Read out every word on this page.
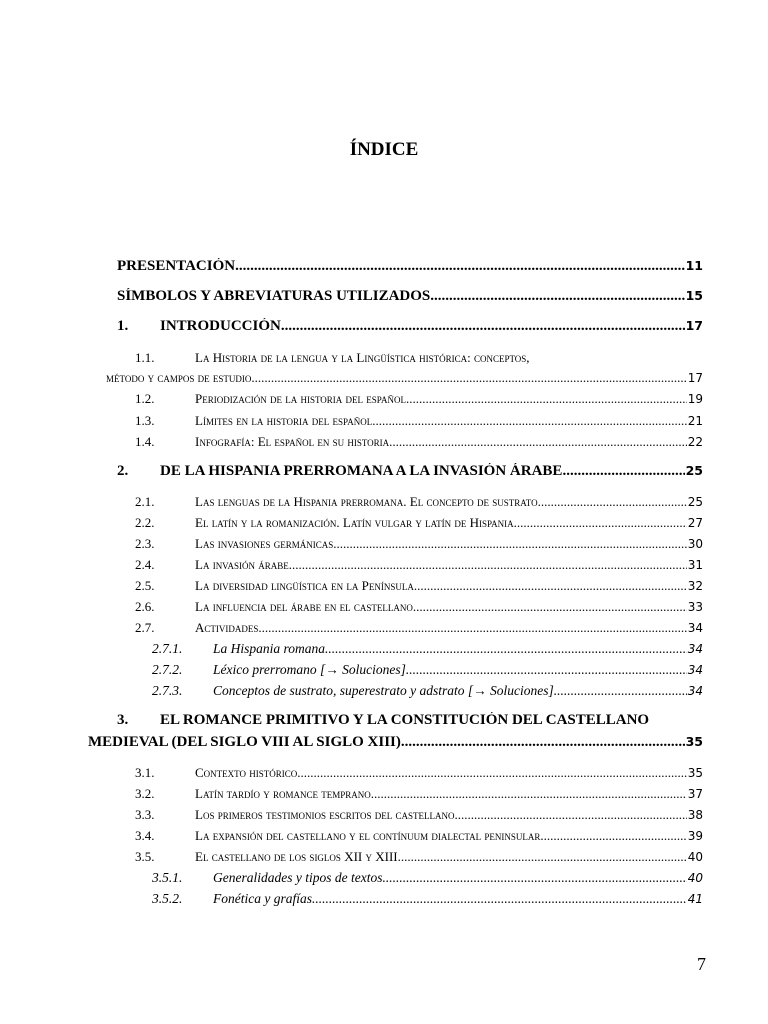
ÍNDICE
PRESENTACIÓN .....	11
SÍMBOLOS Y ABREVIATURAS UTILIZADOS .....	15
1.	INTRODUCCIÓN .....	17
1.1.	La Historia de la lengua y la Lingüística histórica: conceptos,
método y campos de estudio .....	17
1.2.	Periodización de la historia del español .....	19
1.3.	Límites en la historia del español .....	21
1.4.	Infografía: El español en su historia .....	22
2.	DE LA HISPANIA PRERROMANA A LA INVASIÓN ÁRABE .....	25
2.1.	Las lenguas de la Hispania prerromana. El concepto de sustrato .....	25
2.2.	El latín y la romanización. Latín vulgar y latín de Hispania .....	27
2.3.	Las invasiones germánicas .....	30
2.4.	La invasión árabe .....	31
2.5.	La diversidad lingüística en la Península .....	32
2.6.	La influencia del árabe en el castellano .....	33
2.7.	Actividades .....	34
2.7.1.	La Hispania romana .....	34
2.7.2.	Léxico prerromano [→ Soluciones] .....	34
2.7.3.	Conceptos de sustrato, superestrato y adstrato [→ Soluciones] .....	34
3.	EL ROMANCE PRIMITIVO Y LA CONSTITUCIÓN DEL CASTELLANO
MEDIEVAL (DEL SIGLO VIII AL SIGLO XIII) .....	35
3.1.	Contexto histórico .....	35
3.2.	Latín tardío y romance temprano .....	37
3.3.	Los primeros testimonios escritos del castellano .....	38
3.4.	La expansión del castellano y el contínuum dialectal peninsular .....	39
3.5.	El castellano de los siglos XII y XIII .....	40
3.5.1.	Generalidades y tipos de textos .....	40
3.5.2.	Fonética y grafías .....	41
7
